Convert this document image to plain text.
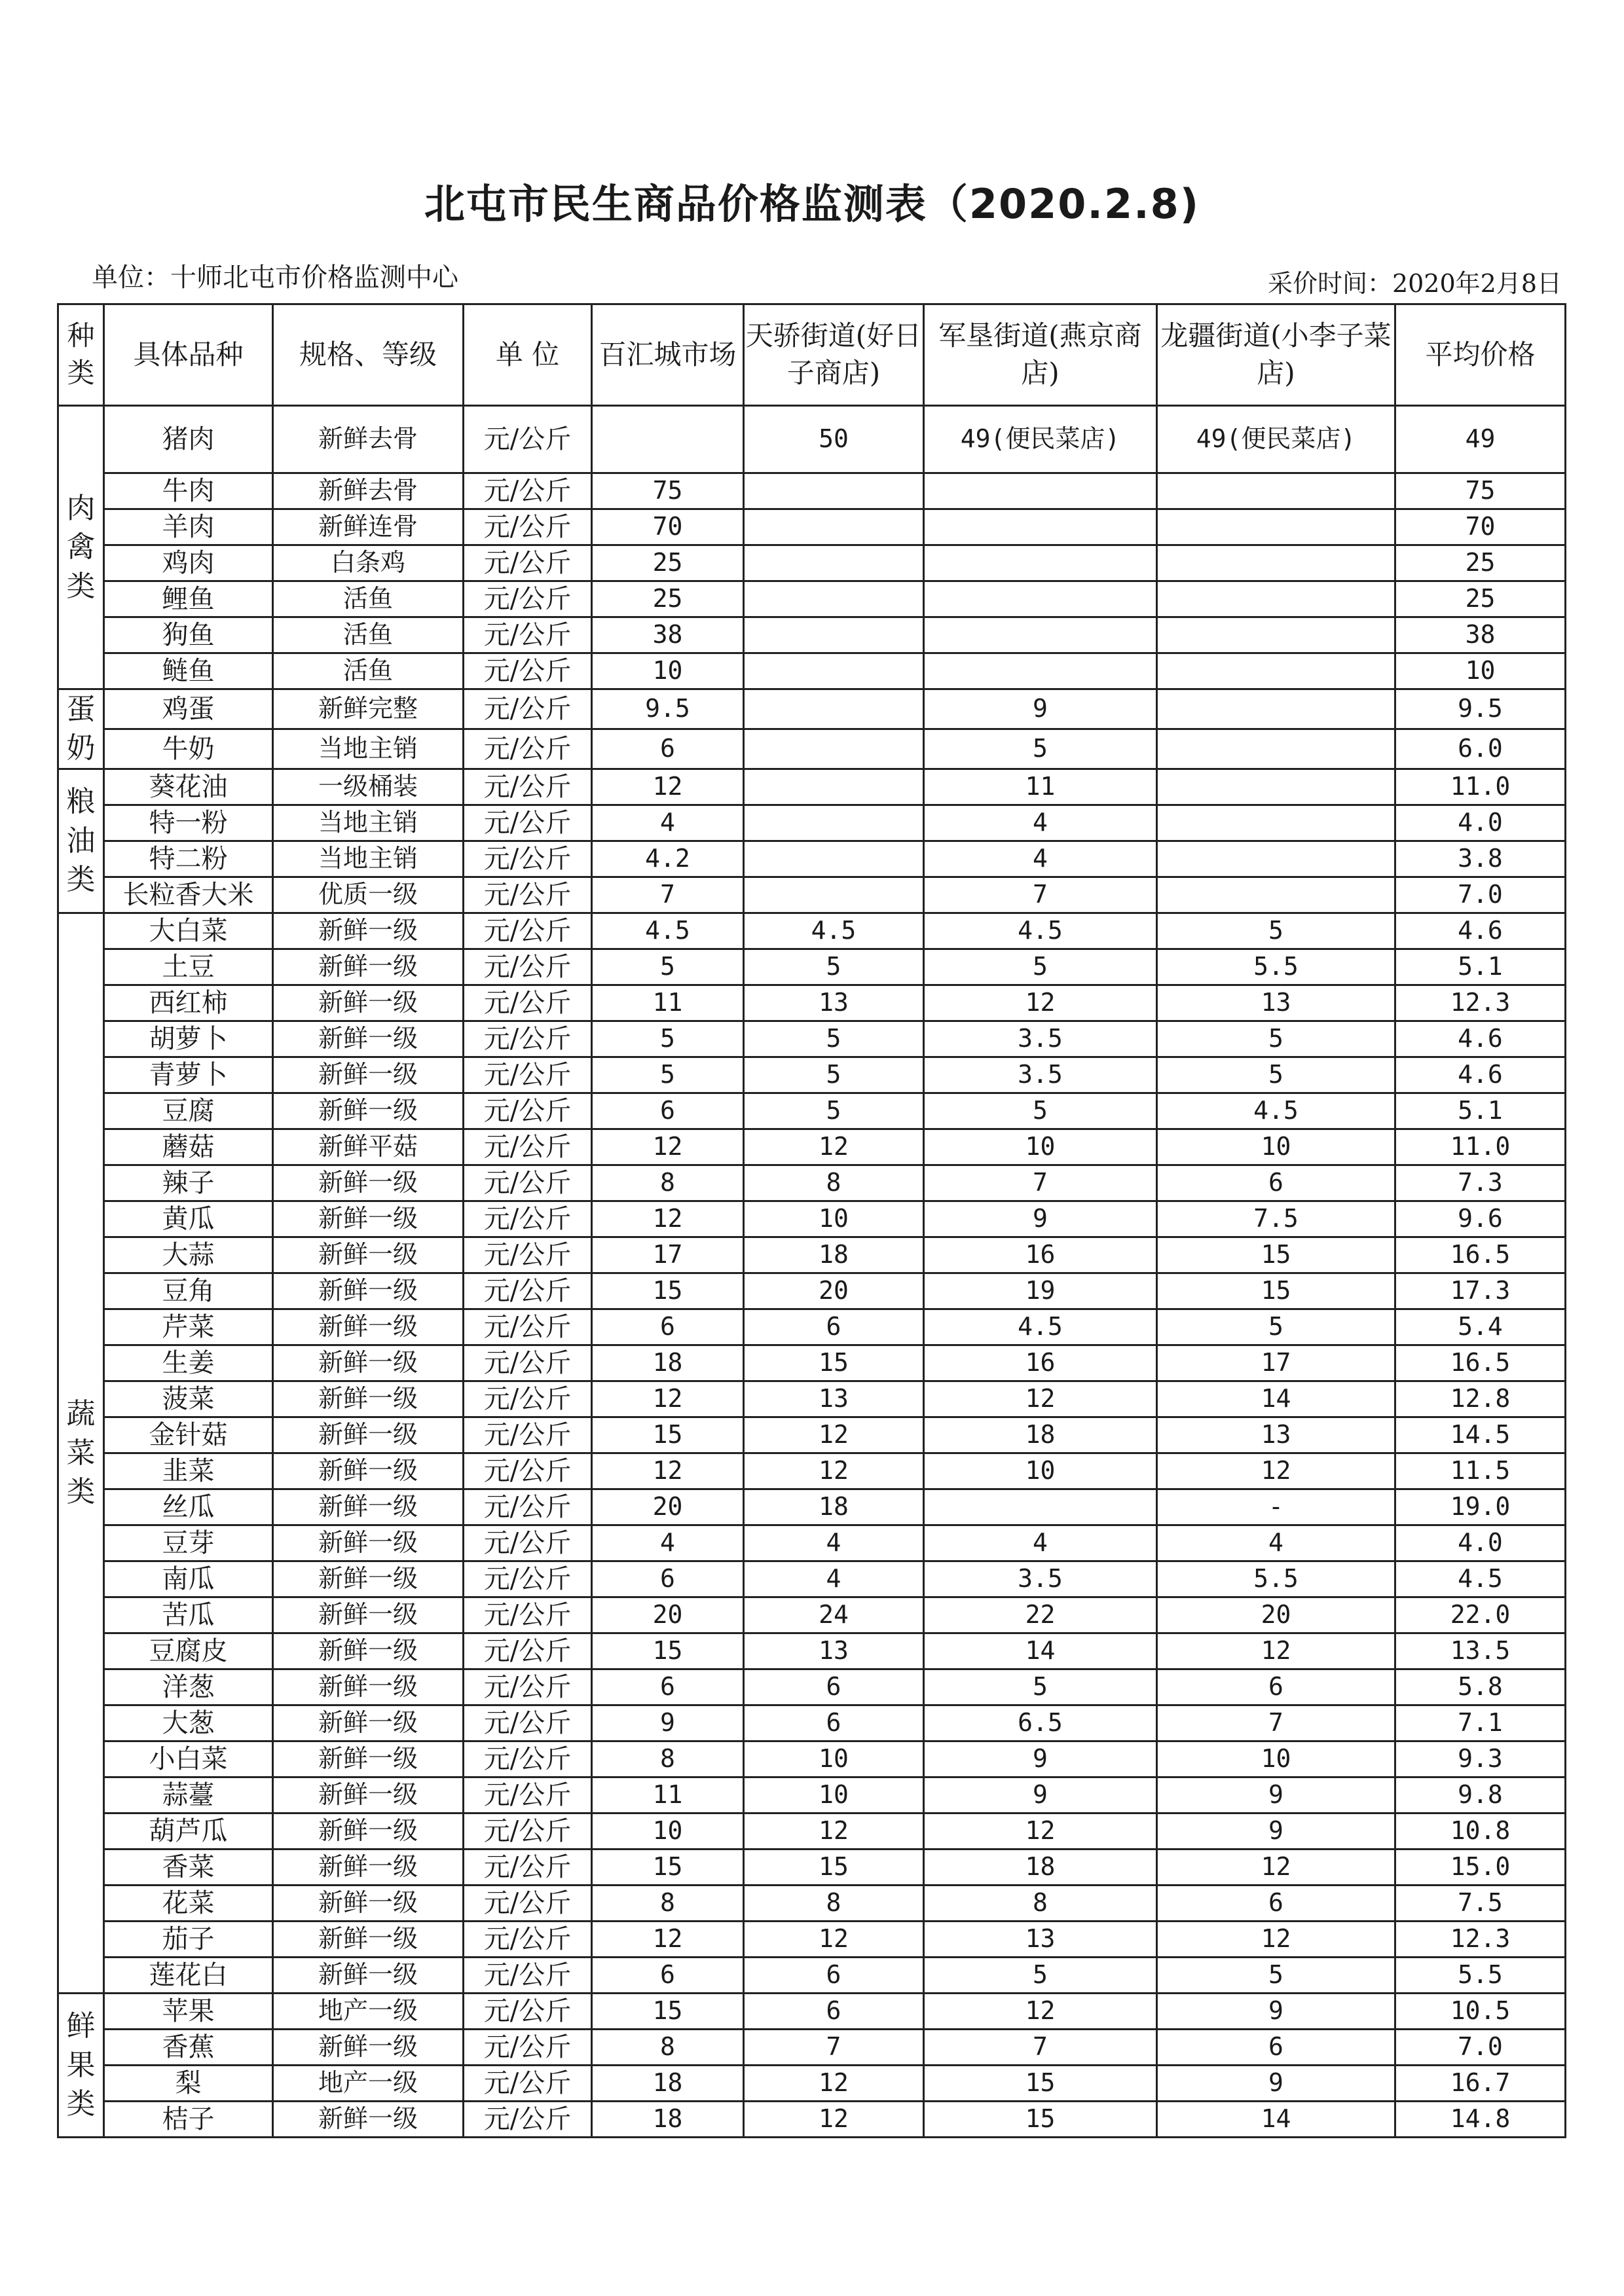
北屯市民生商品价格监测表（2020.2.8)
单位：十师北屯市价格监测中心	采价时间：2020年2月8日
种类	具体品种	规格、等级	单 位	百汇城市场	天骄街道(好日子商店)	军垦街道(燕京商店)	龙疆街道(小李子菜店)	平均价格
肉
禽
类	猪肉	新鲜去骨	元/公斤		50	49(便民菜店)	49(便民菜店)	49
	牛肉	新鲜去骨	元/公斤	75				75
	羊肉	新鲜连骨	元/公斤	70				70
	鸡肉	白条鸡	元/公斤	25				25
	鲤鱼	活鱼	元/公斤	25				25
	狗鱼	活鱼	元/公斤	38				38
	鲢鱼	活鱼	元/公斤	10				10
蛋
奶	鸡蛋	新鲜完整	元/公斤	9.5		9		9.5
	牛奶	当地主销	元/公斤	6		5		6.0
粮
油
类	葵花油	一级桶装	元/公斤	12		11		11.0
	特一粉	当地主销	元/公斤	4		4		4.0
	特二粉	当地主销	元/公斤	4.2		4		3.8
	长粒香大米	优质一级	元/公斤	7		7		7.0
蔬
菜
类	大白菜	新鲜一级	元/公斤	4.5	4.5	4.5	5	4.6
	土豆	新鲜一级	元/公斤	5	5	5	5.5	5.1
	西红柿	新鲜一级	元/公斤	11	13	12	13	12.3
	胡萝卜	新鲜一级	元/公斤	5	5	3.5	5	4.6
	青萝卜	新鲜一级	元/公斤	5	5	3.5	5	4.6
	豆腐	新鲜一级	元/公斤	6	5	5	4.5	5.1
	蘑菇	新鲜平菇	元/公斤	12	12	10	10	11.0
	辣子	新鲜一级	元/公斤	8	8	7	6	7.3
	黄瓜	新鲜一级	元/公斤	12	10	9	7.5	9.6
	大蒜	新鲜一级	元/公斤	17	18	16	15	16.5
	豆角	新鲜一级	元/公斤	15	20	19	15	17.3
	芹菜	新鲜一级	元/公斤	6	6	4.5	5	5.4
	生姜	新鲜一级	元/公斤	18	15	16	17	16.5
	菠菜	新鲜一级	元/公斤	12	13	12	14	12.8
	金针菇	新鲜一级	元/公斤	15	12	18	13	14.5
	韭菜	新鲜一级	元/公斤	12	12	10	12	11.5
	丝瓜	新鲜一级	元/公斤	20	18		-	19.0
	豆芽	新鲜一级	元/公斤	4	4	4	4	4.0
	南瓜	新鲜一级	元/公斤	6	4	3.5	5.5	4.5
	苦瓜	新鲜一级	元/公斤	20	24	22	20	22.0
	豆腐皮	新鲜一级	元/公斤	15	13	14	12	13.5
	洋葱	新鲜一级	元/公斤	6	6	5	6	5.8
	大葱	新鲜一级	元/公斤	9	6	6.5	7	7.1
	小白菜	新鲜一级	元/公斤	8	10	9	10	9.3
	蒜薹	新鲜一级	元/公斤	11	10	9	9	9.8
	葫芦瓜	新鲜一级	元/公斤	10	12	12	9	10.8
	香菜	新鲜一级	元/公斤	15	15	18	12	15.0
	花菜	新鲜一级	元/公斤	8	8	8	6	7.5
	茄子	新鲜一级	元/公斤	12	12	13	12	12.3
	莲花白	新鲜一级	元/公斤	6	6	5	5	5.5
鲜
果
类	苹果	地产一级	元/公斤	15	6	12	9	10.5
	香蕉	新鲜一级	元/公斤	8	7	7	6	7.0
	梨	地产一级	元/公斤	18	12	15	9	16.7
	桔子	新鲜一级	元/公斤	18	12	15	14	14.8
